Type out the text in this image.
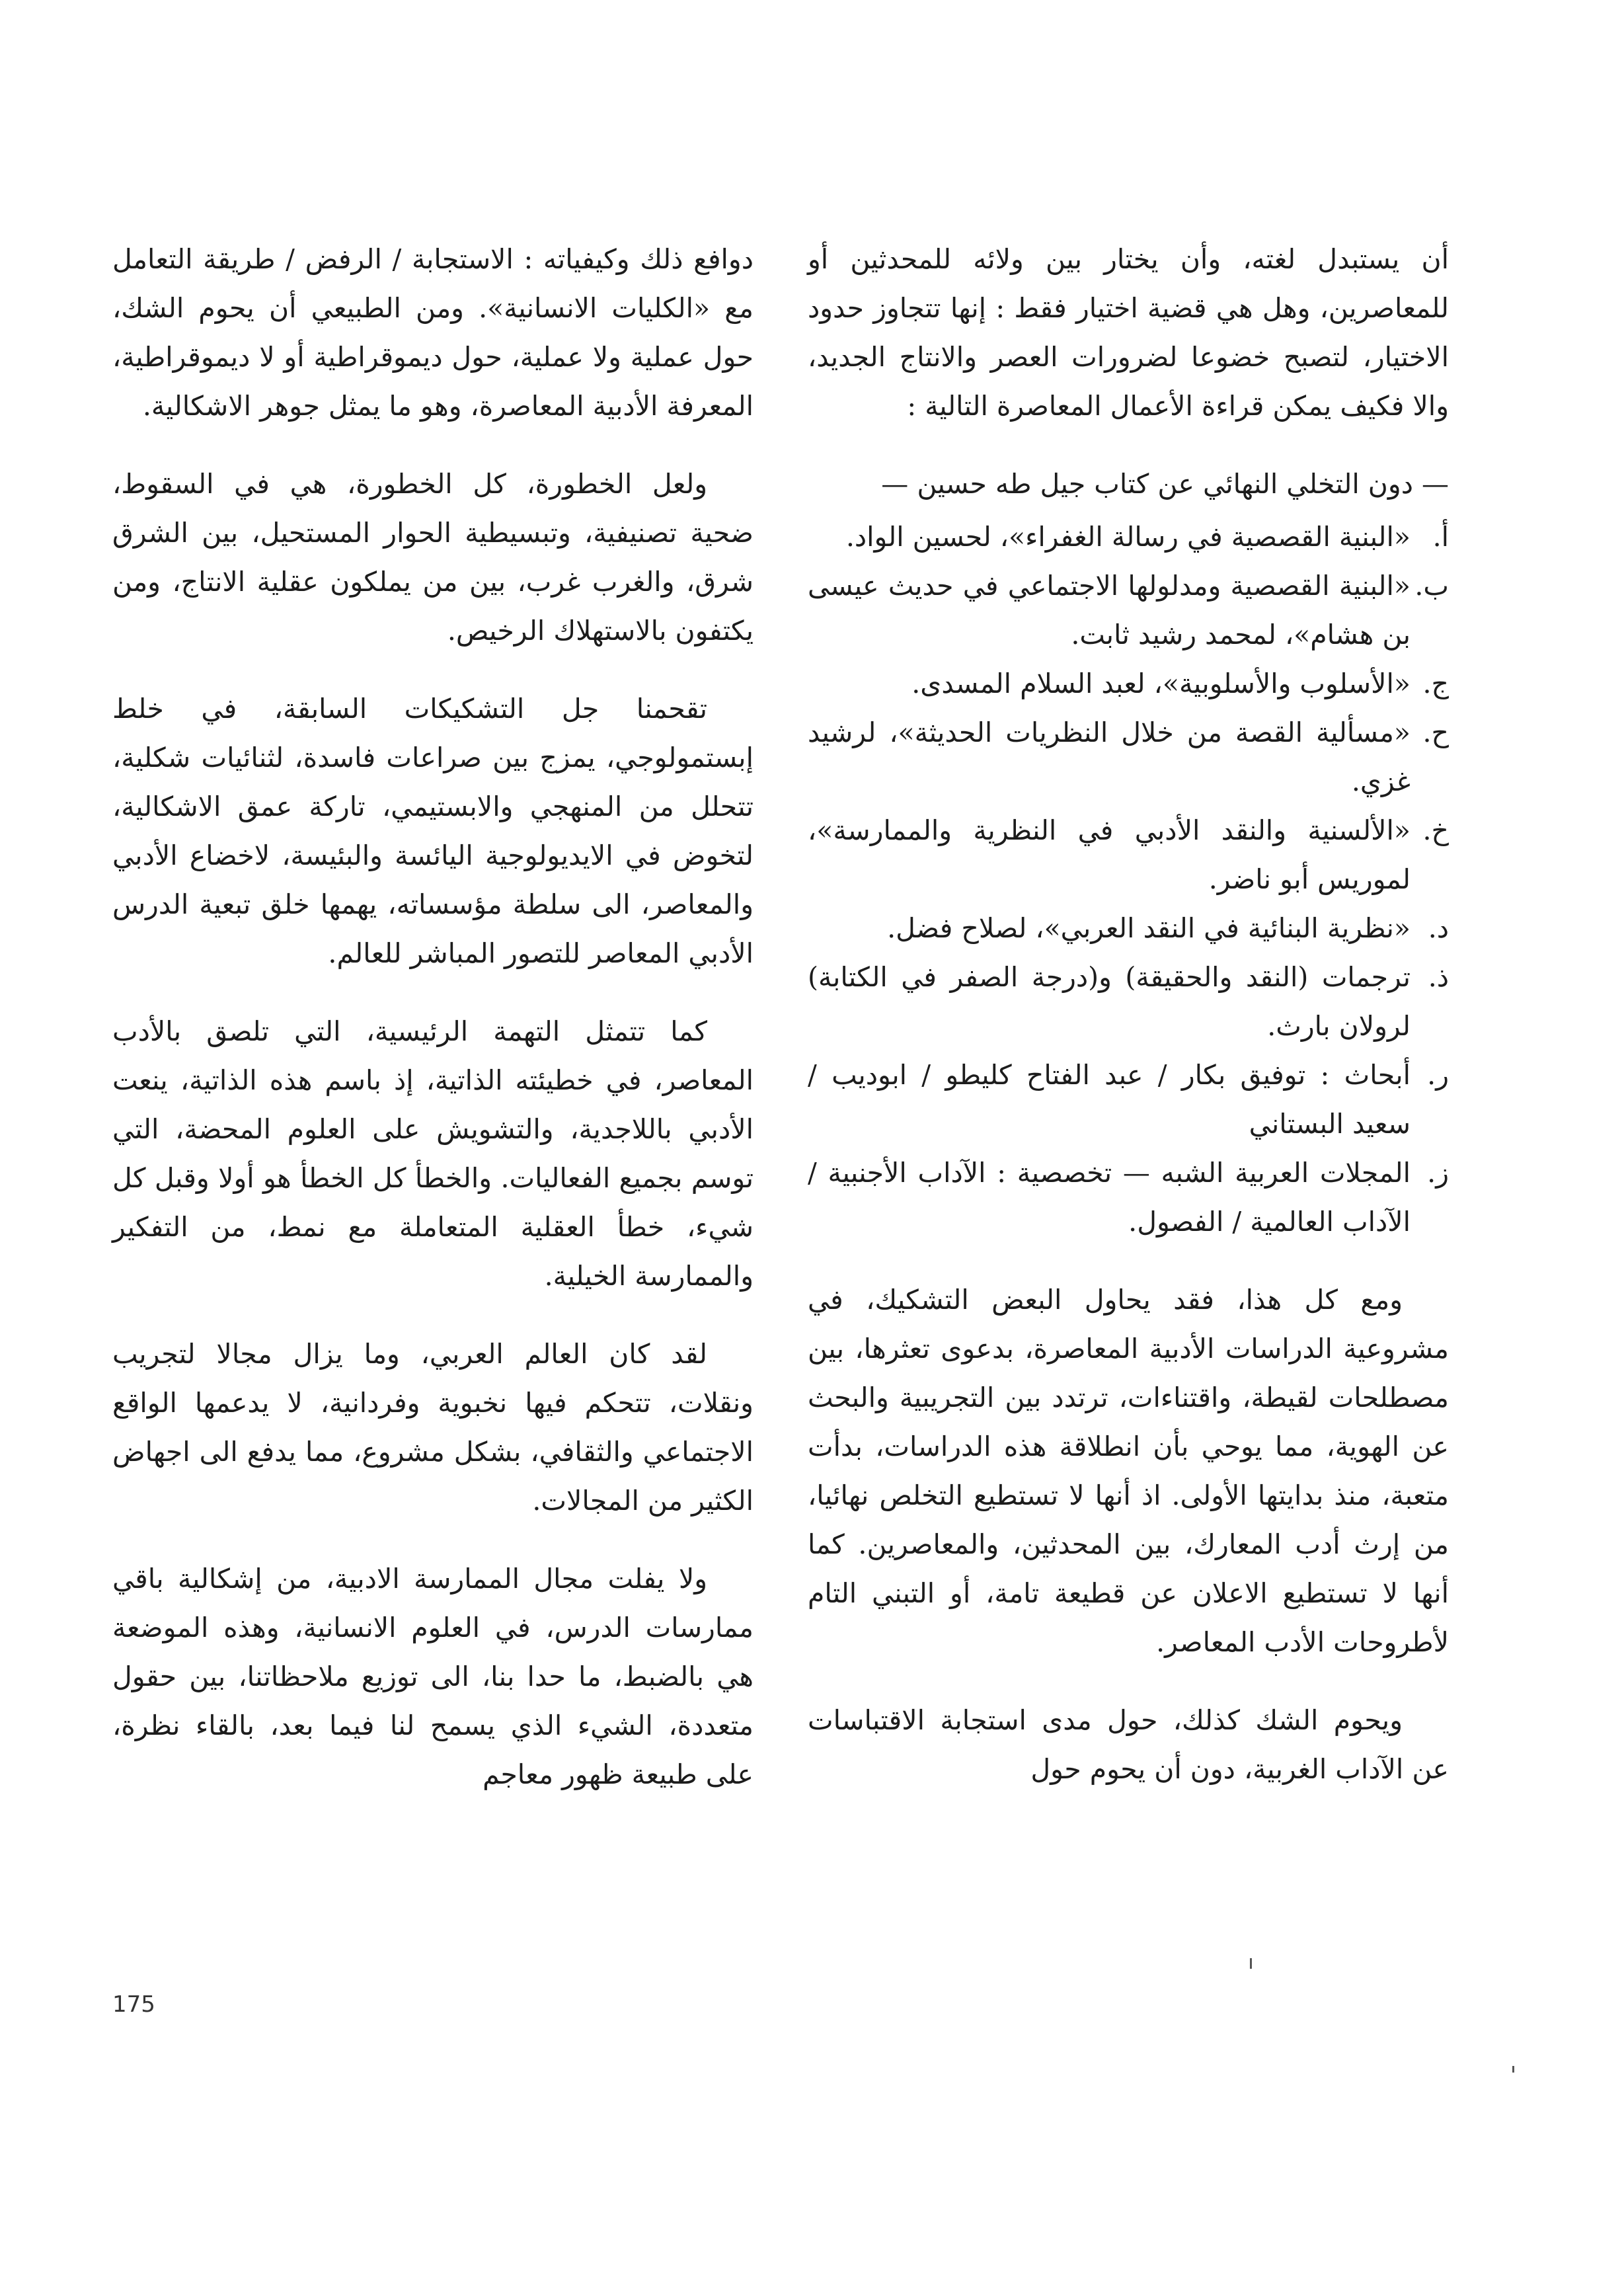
أن يستبدل لغته، وأن يختار بين ولائه للمحدثين أو للمعاصرين، وهل هي قضية اختيار فقط : إنها تتجاوز حدود الاختيار، لتصبح خضوعا لضرورات العصر والانتاج الجديد، والا فكيف يمكن قراءة الأعمال المعاصرة التالية :

— دون التخلي النهائي عن كتاب جيل طه حسين —
أ.
«البنية القصصية في رسالة الغفراء»، لحسين الواد.
ب.
«البنية القصصية ومدلولها الاجتماعي في حديث عيسى بن هشام»، لمحمد رشيد ثابت.
ج.
«الأسلوب والأسلوبية»، لعبد السلام المسدى.
ح.
«مسألية القصة من خلال النظريات الحديثة»، لرشيد غزي.
خ.
«الألسنية والنقد الأدبي في النظرية والممارسة»، لموريس أبو ناضر.
د.
«نظرية البنائية في النقد العربي»، لصلاح فضل.
ذ.
ترجمات (النقد والحقيقة) و(درجة الصفر في الكتابة) لرولان بارث.
ر.
أبحاث : توفيق بكار / عبد الفتاح كليطو / ابوديب / سعيد البستاني
ز.
المجلات العربية الشبه — تخصصية : الآداب الأجنبية / الآداب العالمية / الفصول.

ومع كل هذا، فقد يحاول البعض التشكيك، في مشروعية الدراسات الأدبية المعاصرة، بدعوى تعثرها، بين مصطلحات لقيطة، واقتناءات، ترتدد بين التجريبية والبحث عن الهوية، مما يوحي بأن انطلاقة هذه الدراسات، بدأت متعبة، منذ بدايتها الأولى. اذ أنها لا تستطيع التخلص نهائيا، من إرث أدب المعارك، بين المحدثين، والمعاصرين. كما أنها لا تستطيع الاعلان عن قطيعة تامة، أو التبني التام لأطروحات الأدب المعاصر.

ويحوم الشك كذلك، حول مدى استجابة الاقتباسات عن الآداب الغربية، دون أن يحوم حول

دوافع ذلك وكيفياته : الاستجابة / الرفض / طريقة التعامل مع «الكليات الانسانية». ومن الطبيعي أن يحوم الشك، حول عملية ولا عملية، حول ديموقراطية أو لا ديموقراطية، المعرفة الأدبية المعاصرة، وهو ما يمثل جوهر الاشكالية.

ولعل الخطورة، كل الخطورة، هي في السقوط، ضحية تصنيفية، وتبسيطية الحوار المستحيل، بين الشرق شرق، والغرب غرب، بين من يملكون عقلية الانتاج، ومن يكتفون بالاستهلاك الرخيص.

تقحمنا جل التشكيكات السابقة، في خلط إبستمولوجي، يمزج بين صراعات فاسدة، لثنائيات شكلية، تتحلل من المنهجي والابستيمي، تاركة عمق الاشكالية، لتخوض في الايديولوجية اليائسة والبئيسة، لاخضاع الأدبي والمعاصر، الى سلطة مؤسساته، يهمها خلق تبعية الدرس الأدبي المعاصر للتصور المباشر للعالم.

كما تتمثل التهمة الرئيسية، التي تلصق بالأدب المعاصر، في خطيئته الذاتية، إذ باسم هذه الذاتية، ينعت الأدبي باللاجدية، والتشويش على العلوم المحضة، التي توسم بجميع الفعاليات. والخطأ كل الخطأ هو أولا وقبل كل شيء، خطأ العقلية المتعاملة مع نمط، من التفكير والممارسة الخيلية.

لقد كان العالم العربي، وما يزال مجالا لتجريب ونقلات، تتحكم فيها نخبوية وفردانية، لا يدعمها الواقع الاجتماعي والثقافي، بشكل مشروع، مما يدفع الى اجهاض الكثير من المجالات.

ولا يفلت مجال الممارسة الادبية، من إشكالية باقي ممارسات الدرس، في العلوم الانسانية، وهذه الموضعة هي بالضبط، ما حدا بنا، الى توزيع ملاحظاتنا، بين حقول متعددة، الشيء الذي يسمح لنا فيما بعد، بالقاء نظرة، على طبيعة ظهور معاجم

175
